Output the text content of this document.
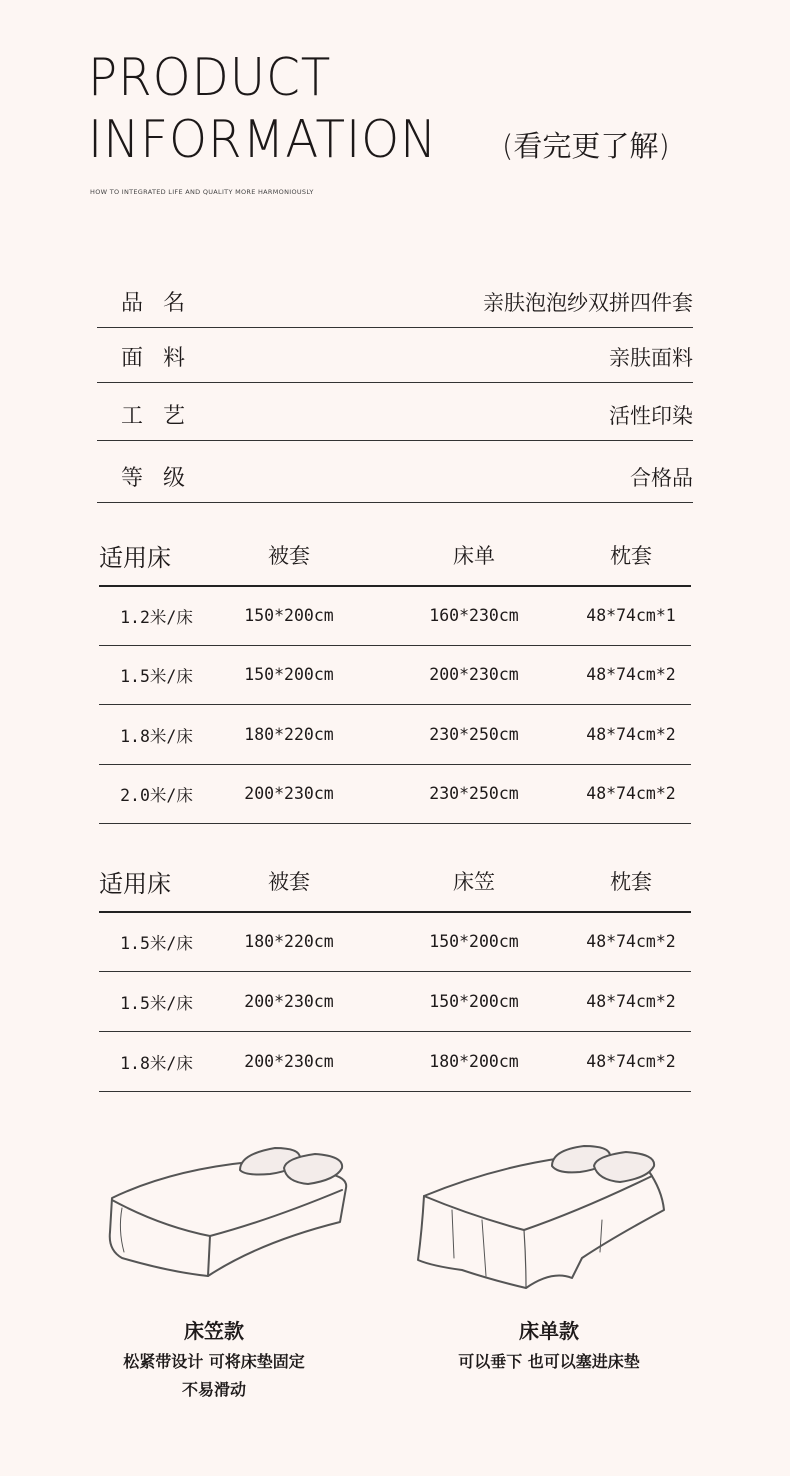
PRODUCT
INFORMATION (看完更了解)
HOW TO INTEGRATED LIFE AND QUALITY MORE HARMONIOUSLY
品名	亲肤泡泡纱双拼四件套
面料	亲肤面料
工艺	活性印染
等级	合格品
适用床	被套	床单	枕套
1.2米/床	150*200cm	160*230cm	48*74cm*1
1.5米/床	150*200cm	200*230cm	48*74cm*2
1.8米/床	180*220cm	230*250cm	48*74cm*2
2.0米/床	200*230cm	230*250cm	48*74cm*2
适用床	被套	床笠	枕套
1.5米/床	180*220cm	150*200cm	48*74cm*2
1.5米/床	200*230cm	150*200cm	48*74cm*2
1.8米/床	200*230cm	180*200cm	48*74cm*2
床笠款
松紧带设计 可将床垫固定
不易滑动
床单款
可以垂下 也可以塞进床垫
